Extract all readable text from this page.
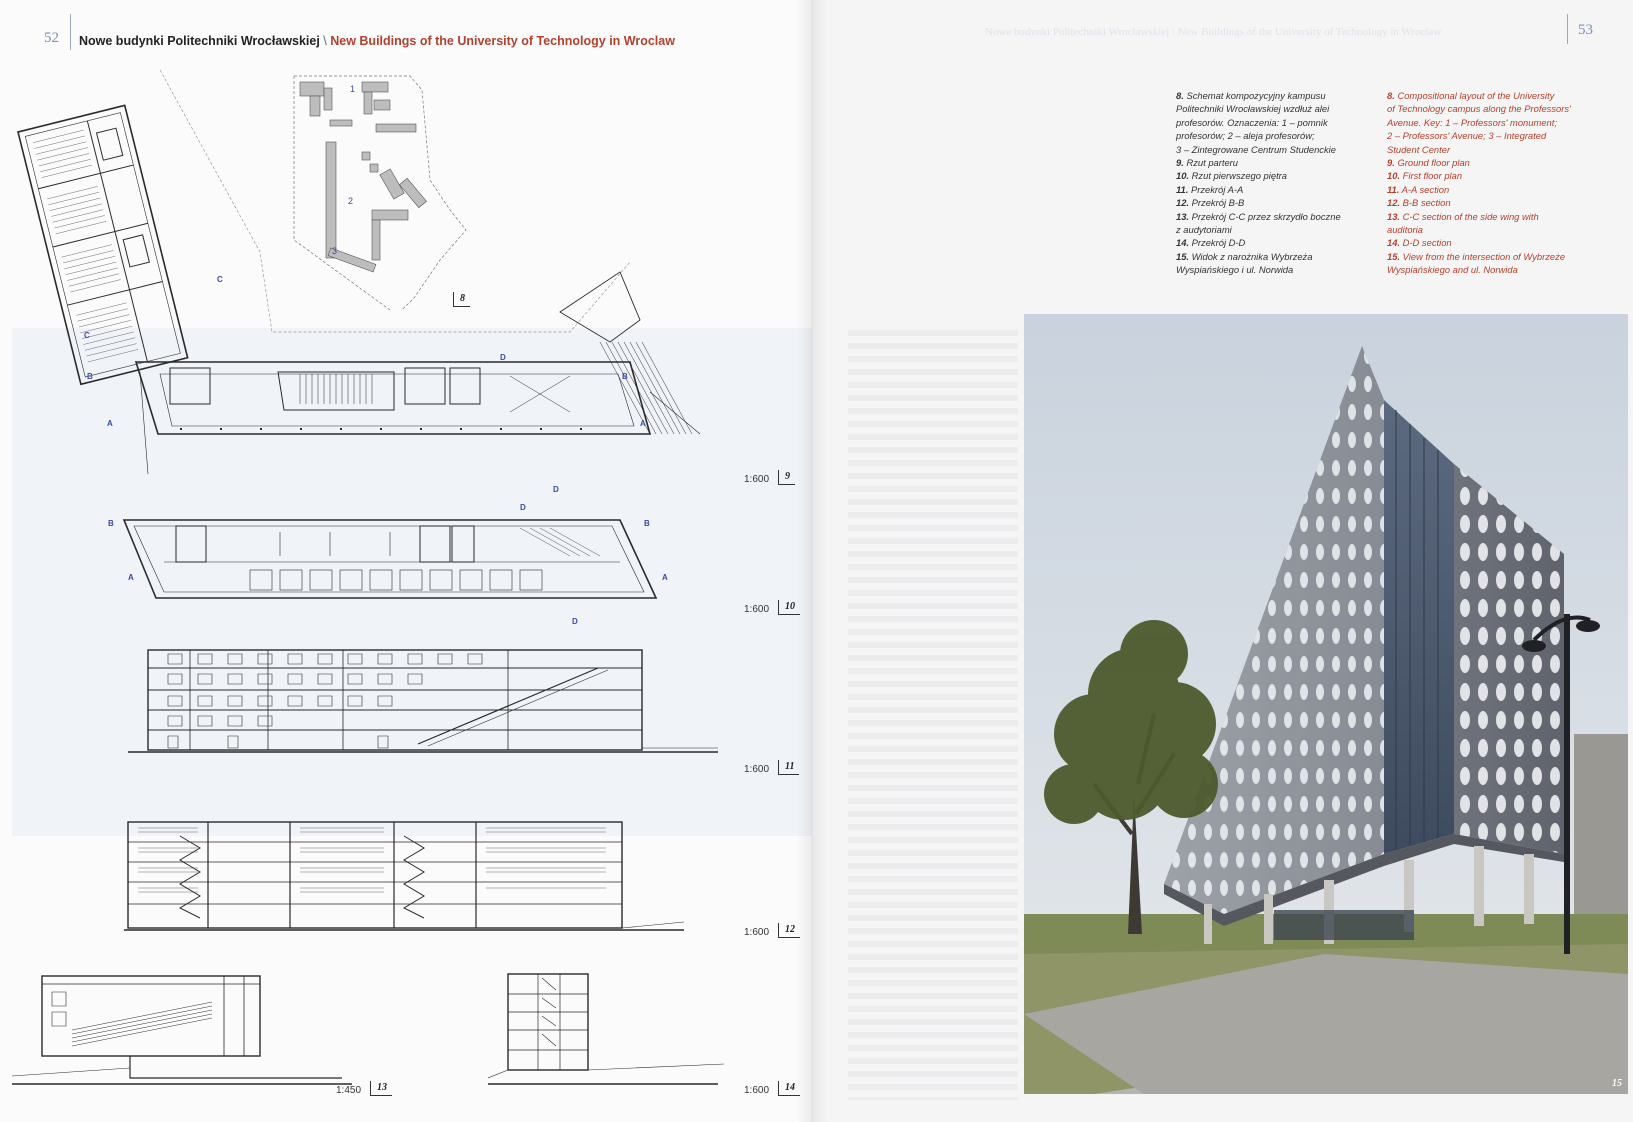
Nowe budynki Politechniki Wrocławskiej \ New Buildings of the University of Technology in Wroclaw
52 Nowe budynki Politechniki Wrocławskiej \ New Buildings of the University of Technology in Wroclaw
53
8. Schemat kompozycyjny kampusu
Politechniki Wrocławskiej wzdłuż alei
profesorów. Oznaczenia: 1 – pomnik
profesorów; 2 – aleja profesorów;
3 – Zintegrowane Centrum Studenckie
9. Rzut parteru
10. Rzut pierwszego piętra
11. Przekrój A-A
12. Przekrój B-B
13. Przekrój C-C przez skrzydło boczne
z audytoriami
14. Przekrój D-D
15. Widok z narożnika Wybrzeża
Wyspiańskiego i ul. Norwida
8. Compositional layout of the University
of Technology campus along the Professors'
Avenue. Key: 1 – Professors' monument;
2 – Professors' Avenue; 3 – Integrated
Student Center
9. Ground floor plan
10. First floor plan
11. A-A section
12. B-B section
13. C-C section of the side wing with
auditoria
14. D-D section
15. View from the intersection of Wybrzeże
Wyspiańskiego and ul. Norwida
C
C
B	B
A	A
D
D
1
2
3
8
1:600	9
B	B
A	A
D
D
1:600	10
1:600	11
1:600	12
1:450	13	1:600	14	15
